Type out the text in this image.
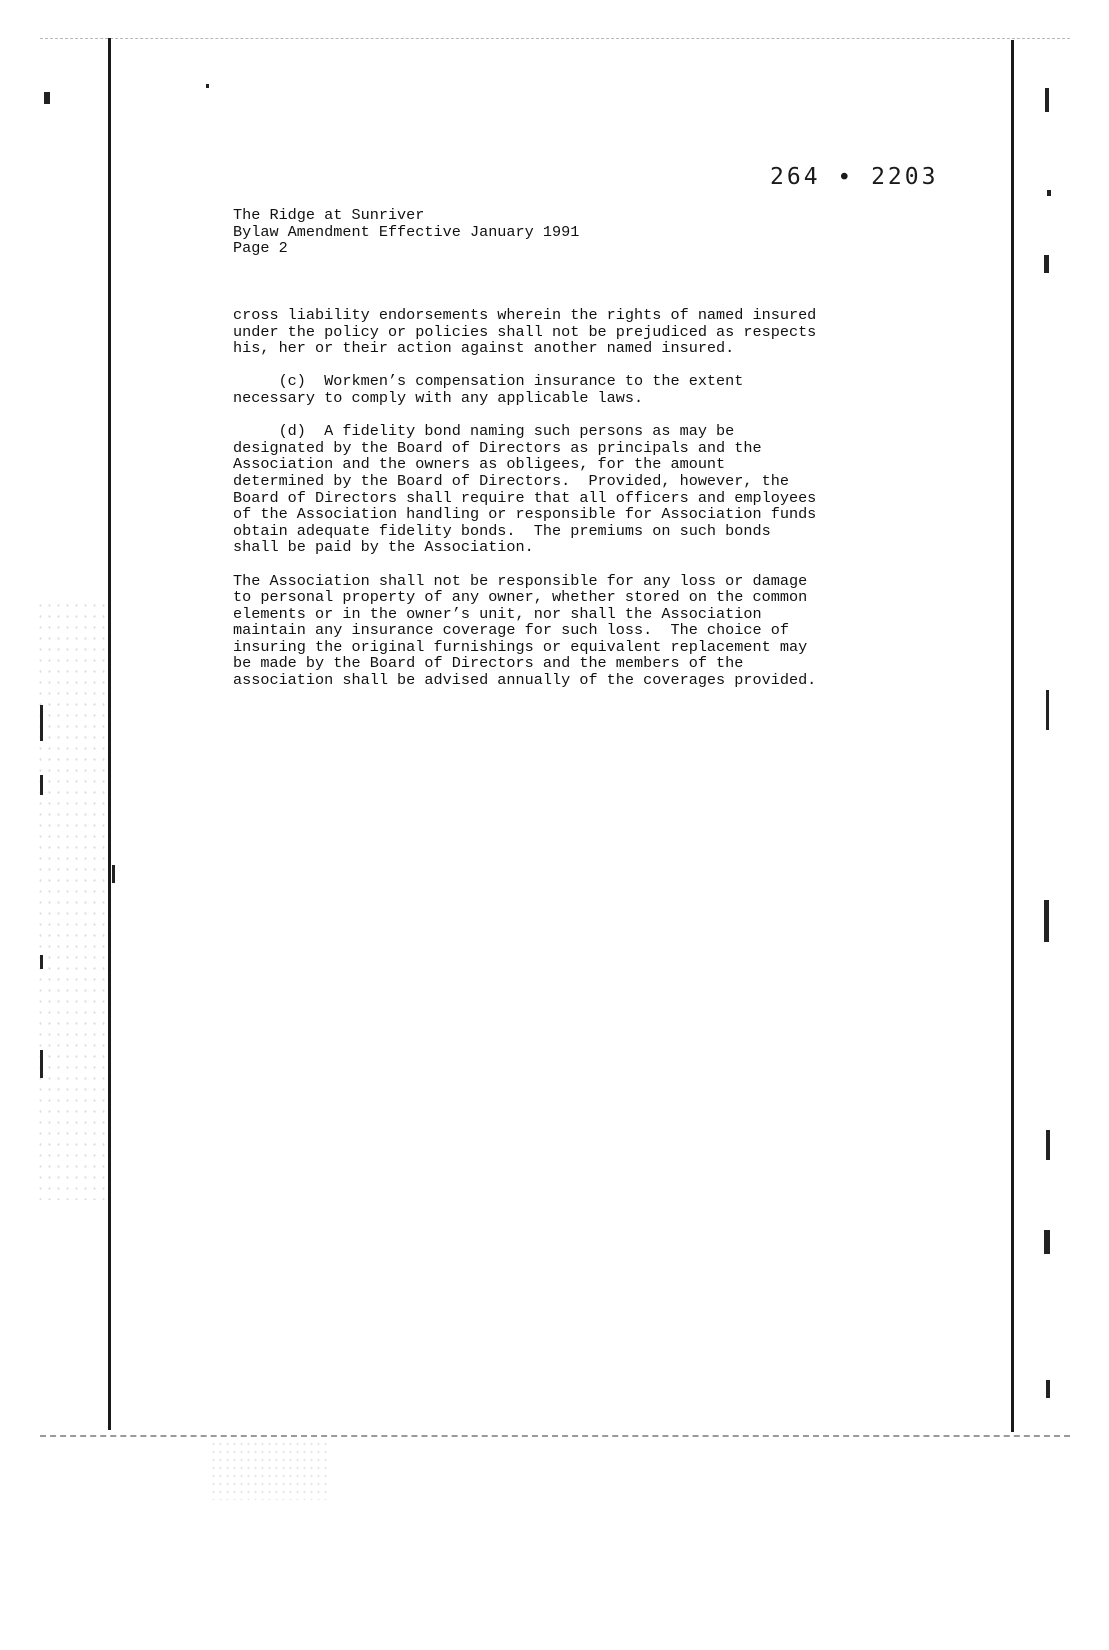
264 ∙ 2203
The Ridge at Sunriver
Bylaw Amendment Effective January 1991
Page 2
cross liability endorsements wherein the rights of named insured
under the policy or policies shall not be prejudiced as respects
his, her or their action against another named insured.
(c)  Workmen’s compensation insurance to the extent
necessary to comply with any applicable laws.
(d)  A fidelity bond naming such persons as may be
designated by the Board of Directors as principals and the
Association and the owners as obligees, for the amount
determined by the Board of Directors.  Provided, however, the
Board of Directors shall require that all officers and employees
of the Association handling or responsible for Association funds
obtain adequate fidelity bonds.  The premiums on such bonds
shall be paid by the Association.
The Association shall not be responsible for any loss or damage
to personal property of any owner, whether stored on the common
elements or in the owner’s unit, nor shall the Association
maintain any insurance coverage for such loss.  The choice of
insuring the original furnishings or equivalent replacement may
be made by the Board of Directors and the members of the
association shall be advised annually of the coverages provided.
